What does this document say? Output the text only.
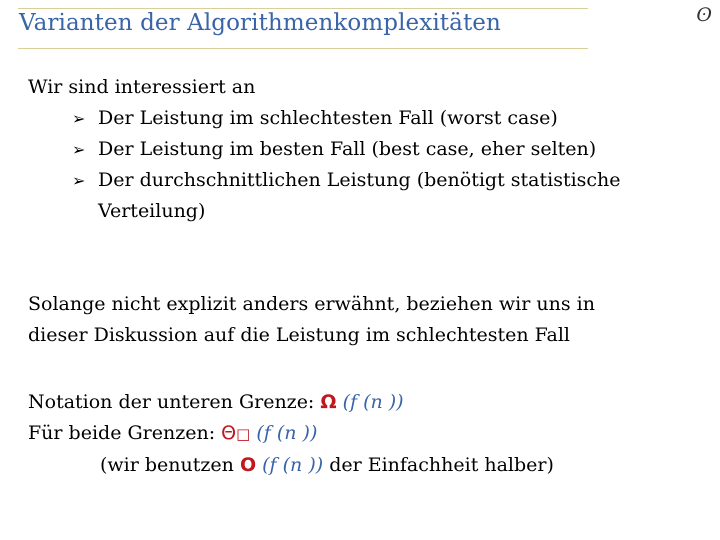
Varianten der Algorithmenkomplexitäten	ʘ
Wir sind interessiert an
➢ Der Leistung im schlechtesten Fall (worst case)
➢ Der Leistung im besten Fall (best case, eher selten)
➢ Der durchschnittlichen Leistung (benötigt statistische
Verteilung)
Solange nicht explizit anders erwähnt, beziehen wir uns in
dieser Diskussion auf die Leistung im schlechtesten Fall
Notation der unteren Grenze: Ω (f (n ))
Für beide Grenzen: Θ□ (f (n ))
(wir benutzen O (f (n )) der Einfachheit halber)
